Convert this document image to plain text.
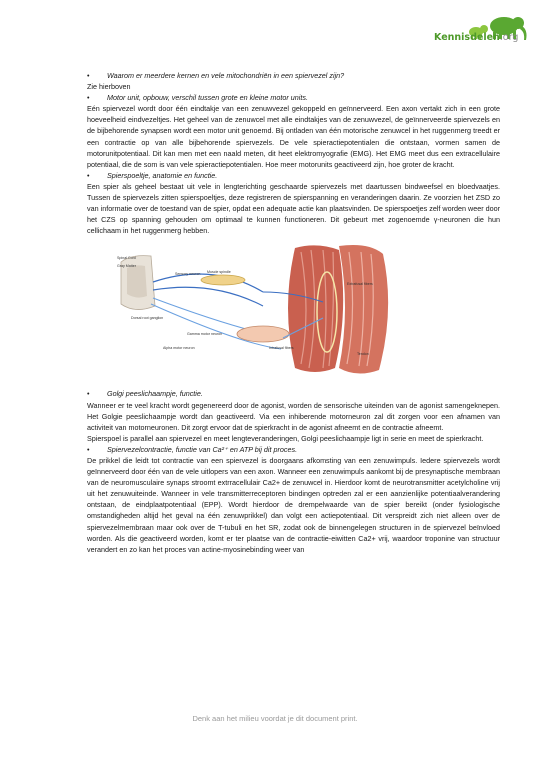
Kennisdelen.org

• Waarom er meerdere kernen en vele mitochondriën in een spiervezel zijn?

Zie hierboven

• Motor unit, opbouw, verschil tussen grote en kleine motor units.

Eén spiervezel wordt door één eindtakje van een zenuwvezel gekoppeld en geïnnerveerd. Een axon vertakt zich in een grote hoeveelheid eindvezeltjes. Het geheel van de zenuwcel met alle eindtakjes van de zenuwvezel, de geïnnerveerde spiervezels en de bijbehorende synapsen wordt een motor unit genoemd. Bij ontladen van één motorische zenuwcel in het ruggenmerg treedt er een contractie op van alle bijbehorende spiervezels. De vele spieractiepotentialen die ontstaan, vormen samen de motorunitpotentiaal. Dit kan men met een naald meten, dit heet elektromyografie (EMG). Het EMG meet dus een extracellulaire potentiaal, die de som is van vele spieractiepotentialen. Hoe meer motorunits geactiveerd zijn, hoe groter de kracht.

• Spierspoeltje, anatomie en functie.

Een spier als geheel bestaat uit vele in lengterichting geschaarde spiervezels met daartussen bindweefsel en bloedvaatjes. Tussen de spiervezels zitten spierspoeltjes, deze registreren de spierspanning en veranderingen daarin. Ze voorzien het ZSD zo van informatie over de toestand van de spier, opdat een adequate actie kan plaatsvinden. De spierspoetjes zelf worden weer door het CZS op spanning gehouden om optimaal te kunnen functioneren. Dit gebeurt met zogenoemde γ-neuronen die hun cellichaam in het ruggenmerg hebben.

Spinal Cord
Gray Matter
Dorsal root ganglion
Sensory neuron
Gamma motor neuron
Alpha motor neuron
Muscle spindle
Extrafusal fibers
Intrafusal fibers
Tendon

• Golgi peeslichaampje, functie.

Wanneer er te veel kracht wordt gegenereerd door de agonist, worden de sensorische uiteinden van de agonist samengeknepen. Het Golgie peeslichaampje wordt dan geactiveerd. Via een inhiberende motorneuron zal dit zorgen voor een afnamen van activiteit van motorneuronen. Dit zorgt ervoor dat de spierkracht in de agonist afneemt en de contractie afneemt.

Spierspoel is parallel aan spiervezel en meet lengteveranderingen, Golgi peeslichaampje ligt in serie en meet de spierkracht.

• Spiervezelcontractie, functie van Ca²⁺ en ATP bij dit proces.

De prikkel die leidt tot contractie van een spiervezel is doorgaans afkomsting van een zenuwimpuls. Iedere spiervezels wordt geïnnerveerd door één van de vele uitlopers van een axon. Wanneer een zenuwimpuls aankomt bij de presynaptische membraan van de neuromusculaire synaps stroomt extrracellulair Ca2+ de zenuwcel in. Hierdoor komt de neurotransmitter acetylcholine vrij uit het zenuwuiteinde. Wanneer in vele transmitterreceptoren bindingen optreden zal er een aanzienlijke potentiaalverandering ontstaan, de eindplaatpotentiaal (EPP). Wordt hierdoor de drempelwaarde van de spier bereikt (onder fysiologische omstandigheden altijd het geval na één zenuwprikkel) dan volgt een actiepotentiaal. Dit verspreidt zich niet alleen over de spiervezelmembraan maar ook over de T-tubuli en het SR, zodat ook de binnengelegen structuren in de spiervezel beïnvloed worden. Als die geactiveerd worden, komt er ter plaatse van de contractie-eiwitten Ca2+ vrij, waardoor troponine van structuur verandert en zo kan het proces van actine-myosinebinding weer van

Denk aan het milieu voordat je dit document print.
